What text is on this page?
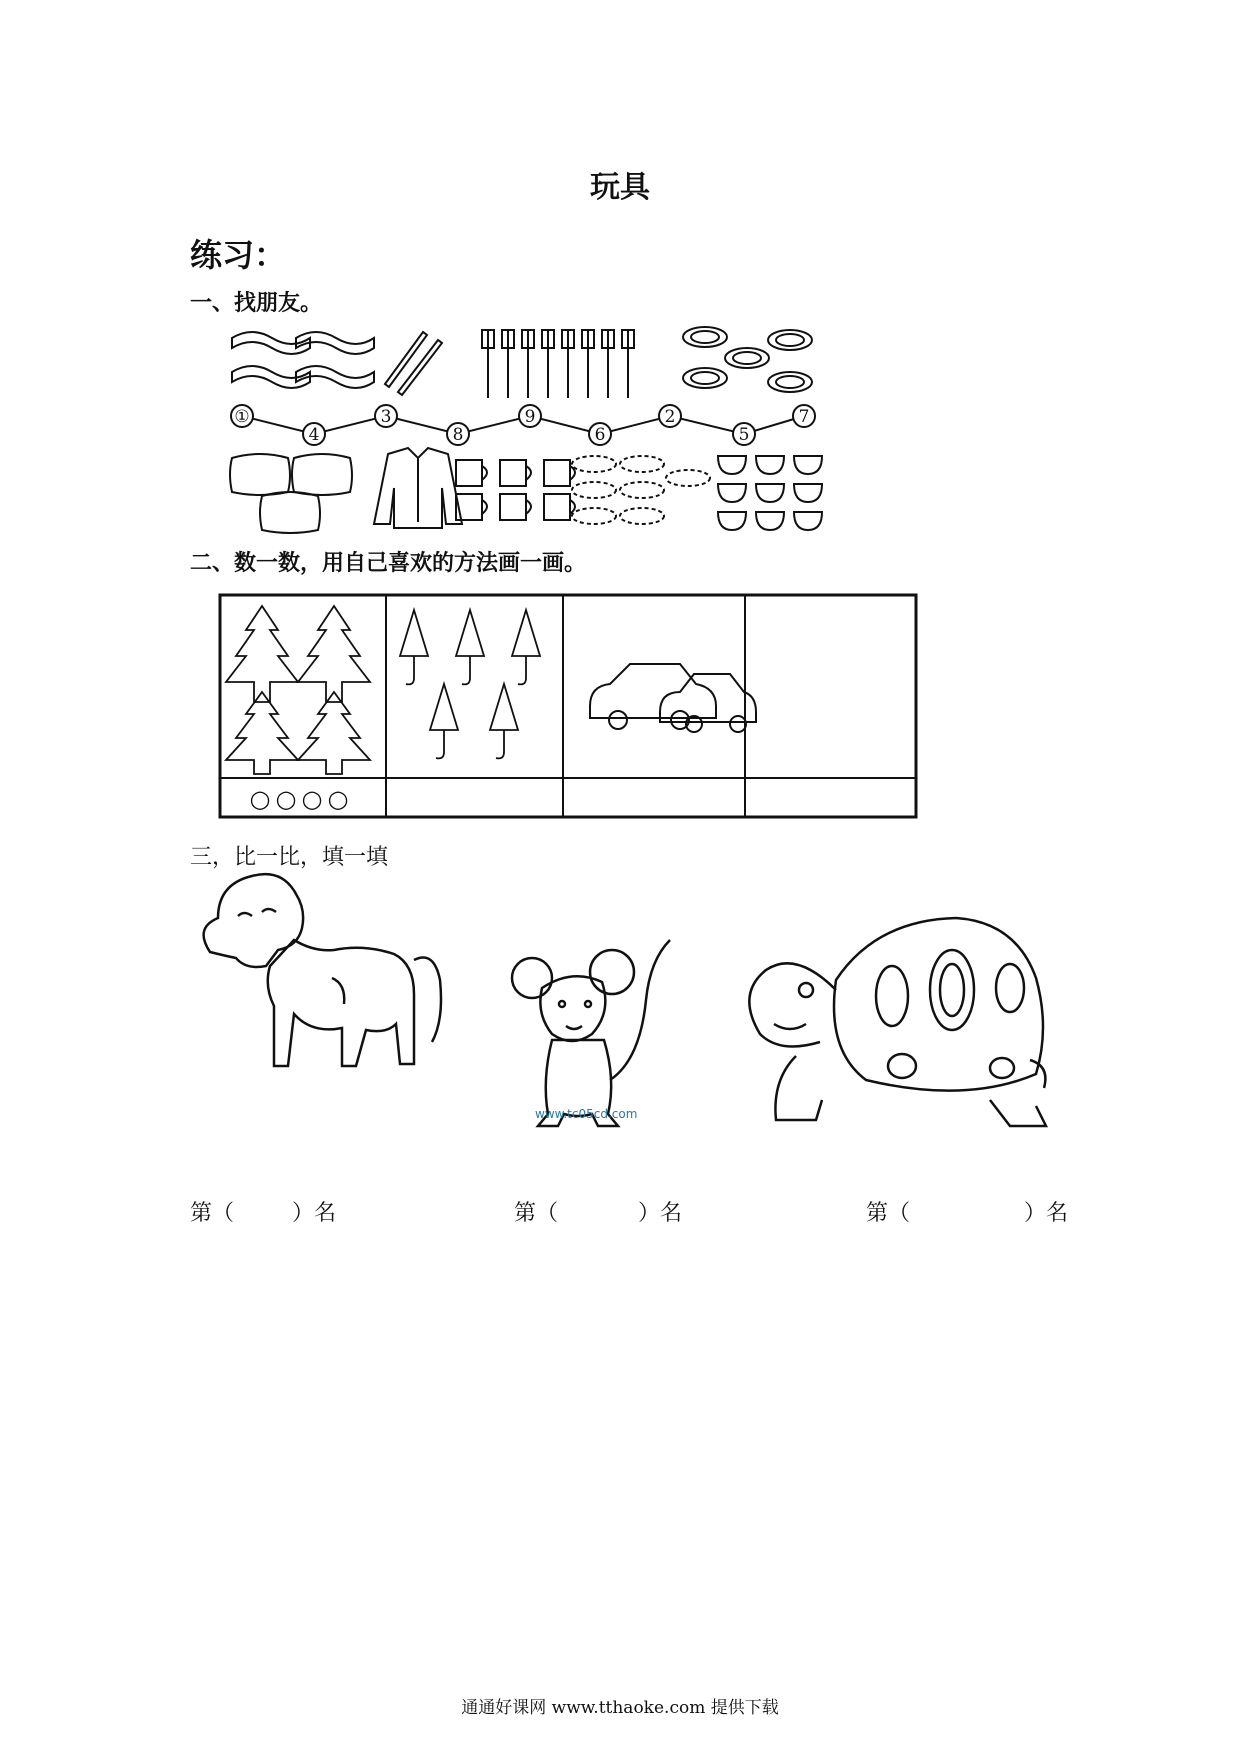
玩具
练习：
一、找朋友。
①
4
3
8
9
6
2
5
7
二、数一数，用自己喜欢的方法画一画。
○ ○ ○ ○
三，比一比，填一填
www.tc05cd.com
第（	）名	第（	）名	第（	）名
通通好课网 www.tthaoke.com 提供下载
